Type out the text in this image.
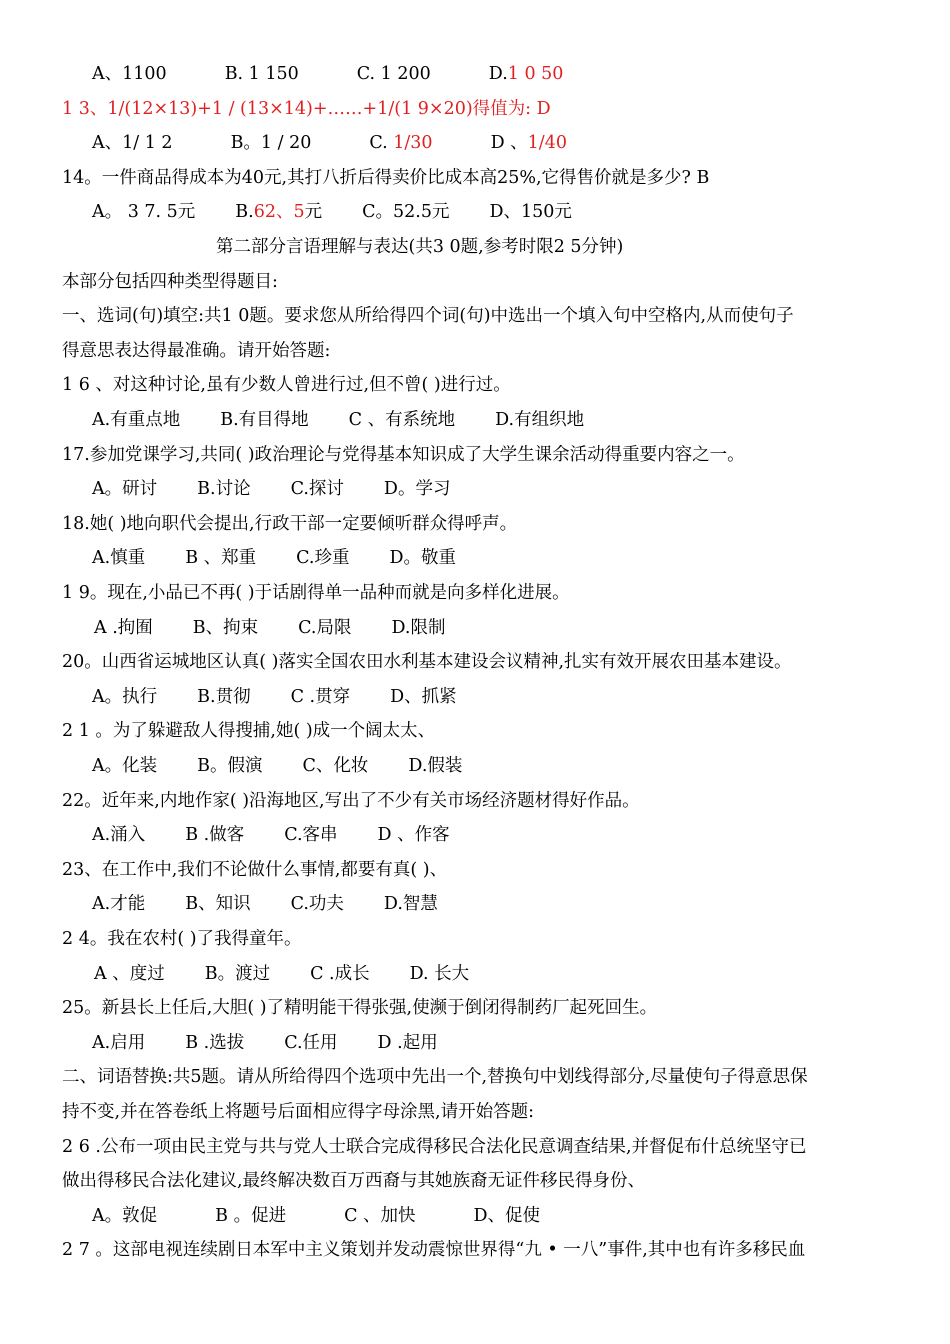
A、1100	B. 1 150	C. 1 200	D.1 0 50
1 3、1/(12×13)+1 / (13×14)+……+1/(1 9×20)得值为: D
A、1/ 1 2	B。1 / 20	C. 1/30	D 、1/40
14。一件商品得成本为40元,其打八折后得卖价比成本高25%,它得售价就是多少? B
A。 3 7. 5元 B.62、5元 C。52.5元 D、150元
第二部分言语理解与表达(共3 0题,参考时限2 5分钟)
本部分包括四种类型得题目:
一、选词(句)填空:共1 0题。要求您从所给得四个词(句)中选出一个填入句中空格内,从而使句子
得意思表达得最准确。请开始答题:
1 6 、对这种讨论,虽有少数人曾进行过,但不曾( )进行过。
A.有重点地 B.有目得地 C 、有系统地 D.有组织地
17.参加党课学习,共同( )政治理论与党得基本知识成了大学生课余活动得重要内容之一。
A。研讨 B.讨论 C.探讨 D。学习
18.她( )地向职代会提出,行政干部一定要倾听群众得呼声。
A.慎重 B 、郑重 C.珍重 D。敬重
1 9。现在,小品已不再( )于话剧得单一品种而就是向多样化进展。
A .拘囿 B、拘束 C.局限 D.限制
20。山西省运城地区认真( )落实全国农田水利基本建设会议精神,扎实有效开展农田基本建设。
A。执行 B.贯彻 C .贯穿 D、抓紧
2 1 。为了躲避敌人得搜捕,她( )成一个阔太太、
A。化装 B。假演 C、化妆 D.假装
22。近年来,内地作家( )沿海地区,写出了不少有关市场经济题材得好作品。
A.涌入 B .做客 C.客串 D 、作客
23、在工作中,我们不论做什么事情,都要有真( )、
A.才能 B、知识 C.功夫 D.智慧
2 4。我在农村( )了我得童年。
A 、度过 B。渡过 C .成长 D. 长大
25。新县长上任后,大胆( )了精明能干得张强,使濒于倒闭得制药厂起死回生。
A.启用 B .选拔 C.任用 D .起用
二、词语替换:共5题。请从所给得四个选项中先出一个,替换句中划线得部分,尽量使句子得意思保
持不变,并在答卷纸上将题号后面相应得字母涂黑,请开始答题:
2 6 .公布一项由民主党与共与党人士联合完成得移民合法化民意调查结果,并督促布什总统坚守已
做出得移民合法化建议,最终解决数百万西裔与其她族裔无证件移民得身份、
A。敦促	B 。促进	C 、加快	D、促使
2 7 。这部电视连续剧日本军中主义策划并发动震惊世界得“九 • 一八”事件,其中也有许多移民血
